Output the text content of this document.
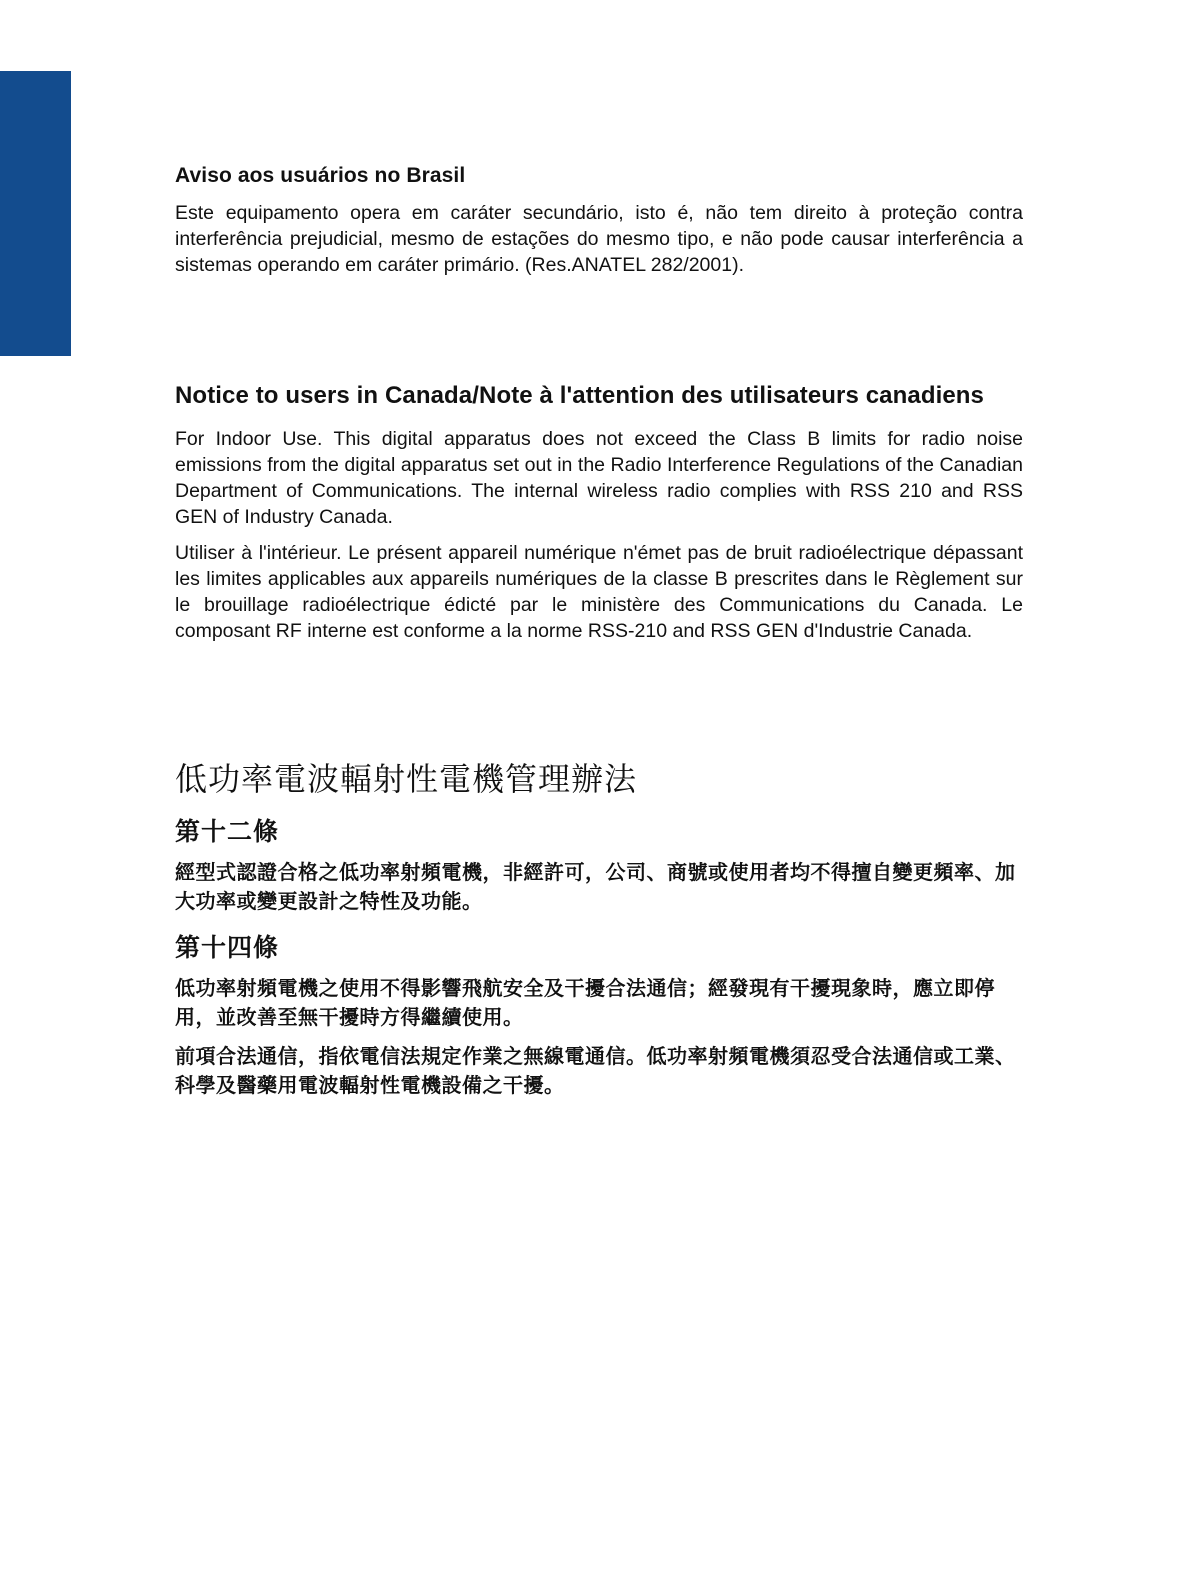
Aviso aos usuários no Brasil

Este equipamento opera em caráter secundário, isto é, não tem direito à proteção contra interferência prejudicial, mesmo de estações do mesmo tipo, e não pode causar interferência a sistemas operando em caráter primário. (Res.ANATEL 282/2001).

Notice to users in Canada/Note à l'attention des utilisateurs canadiens

For Indoor Use. This digital apparatus does not exceed the Class B limits for radio noise emissions from the digital apparatus set out in the Radio Interference Regulations of the Canadian Department of Communications. The internal wireless radio complies with RSS 210 and RSS GEN of Industry Canada.

Utiliser à l'intérieur. Le présent appareil numérique n'émet pas de bruit radioélectrique dépassant les limites applicables aux appareils numériques de la classe B prescrites dans le Règlement sur le brouillage radioélectrique édicté par le ministère des Communications du Canada. Le composant RF interne est conforme a la norme RSS-210 and RSS GEN d'Industrie Canada.

低功率電波輻射性電機管理辦法
第十二條

經型式認證合格之低功率射頻電機，非經許可，公司、商號或使用者均不得擅自變更頻率、加大功率或變更設計之特性及功能。

第十四條

低功率射頻電機之使用不得影響飛航安全及干擾合法通信；經發現有干擾現象時，應立即停用，並改善至無干擾時方得繼續使用。

前項合法通信，指依電信法規定作業之無線電通信。低功率射頻電機須忍受合法通信或工業、科學及醫藥用電波輻射性電機設備之干擾。
